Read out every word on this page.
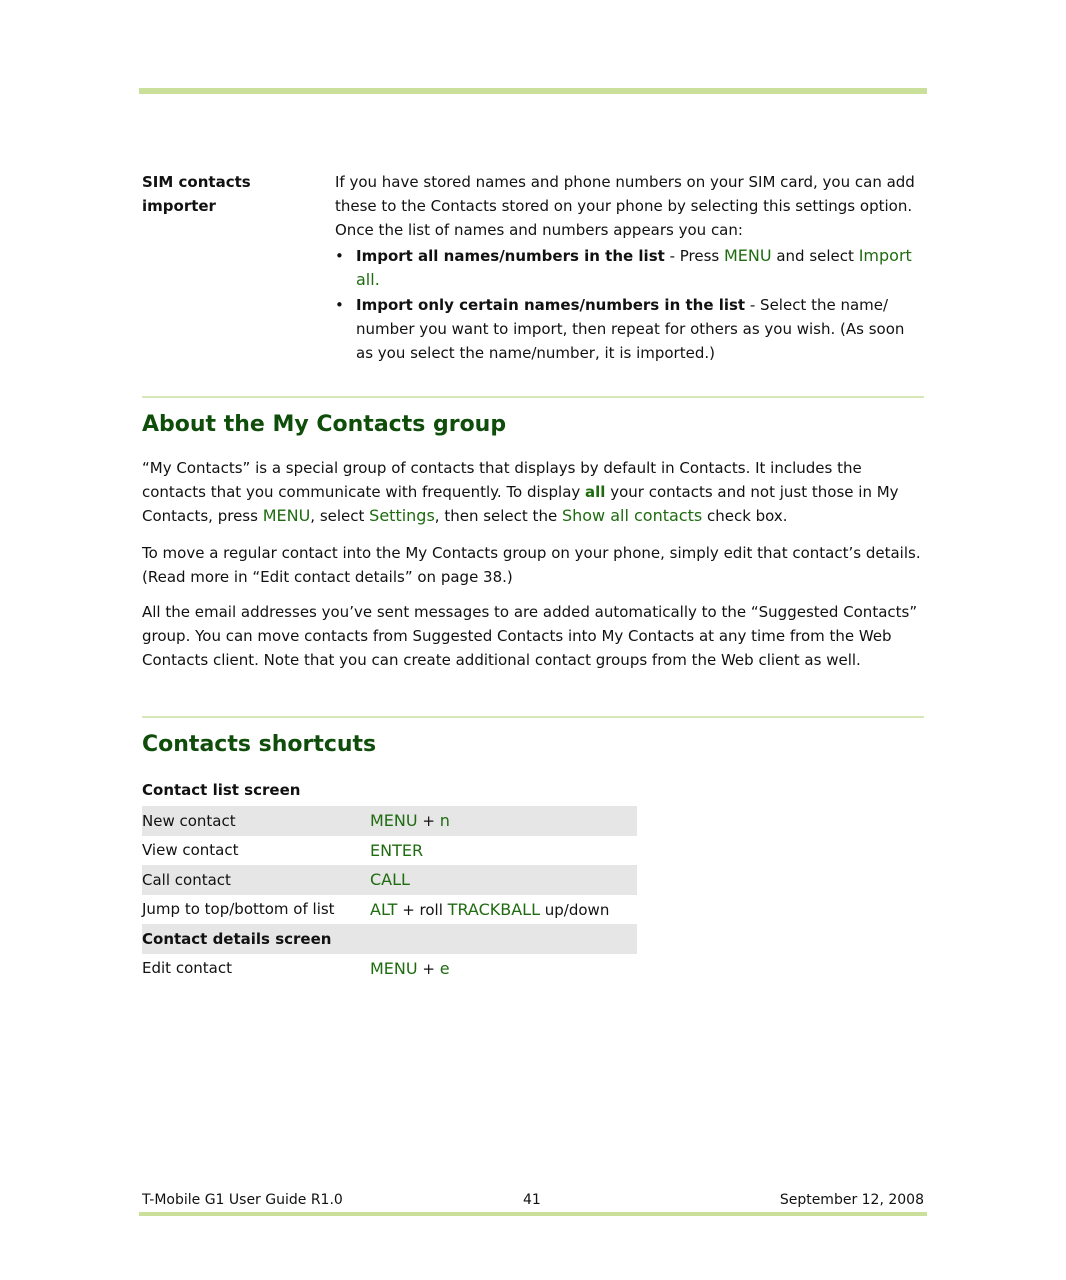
SIM contacts importer

If you have stored names and phone numbers on your SIM card, you can add these to the Contacts stored on your phone by selecting this settings option. Once the list of names and numbers appears you can:

• Import all names/numbers in the list - Press MENU and select Import all.
• Import only certain names/numbers in the list - Select the name/ number you want to import, then repeat for others as you wish. (As soon as you select the name/number, it is imported.)
About the My Contacts group

“My Contacts” is a special group of contacts that displays by default in Contacts. It includes the contacts that you communicate with frequently. To display all your contacts and not just those in My Contacts, press MENU, select Settings, then select the Show all contacts check box.

To move a regular contact into the My Contacts group on your phone, simply edit that contact’s details. (Read more in “Edit contact details” on page 38.)

All the email addresses you’ve sent messages to are added automatically to the “Suggested Contacts” group. You can move contacts from Suggested Contacts into My Contacts at any time from the Web Contacts client. Note that you can create additional contact groups from the Web client as well.

Contacts shortcuts
Contact list screen
New contact	MENU + n
View contact	ENTER
Call contact	CALL
Jump to top/bottom of list	ALT + roll TRACKBALL up/down
Contact details screen
Edit contact	MENU + e
T-Mobile G1 User Guide R1.0	41	September 12, 2008
